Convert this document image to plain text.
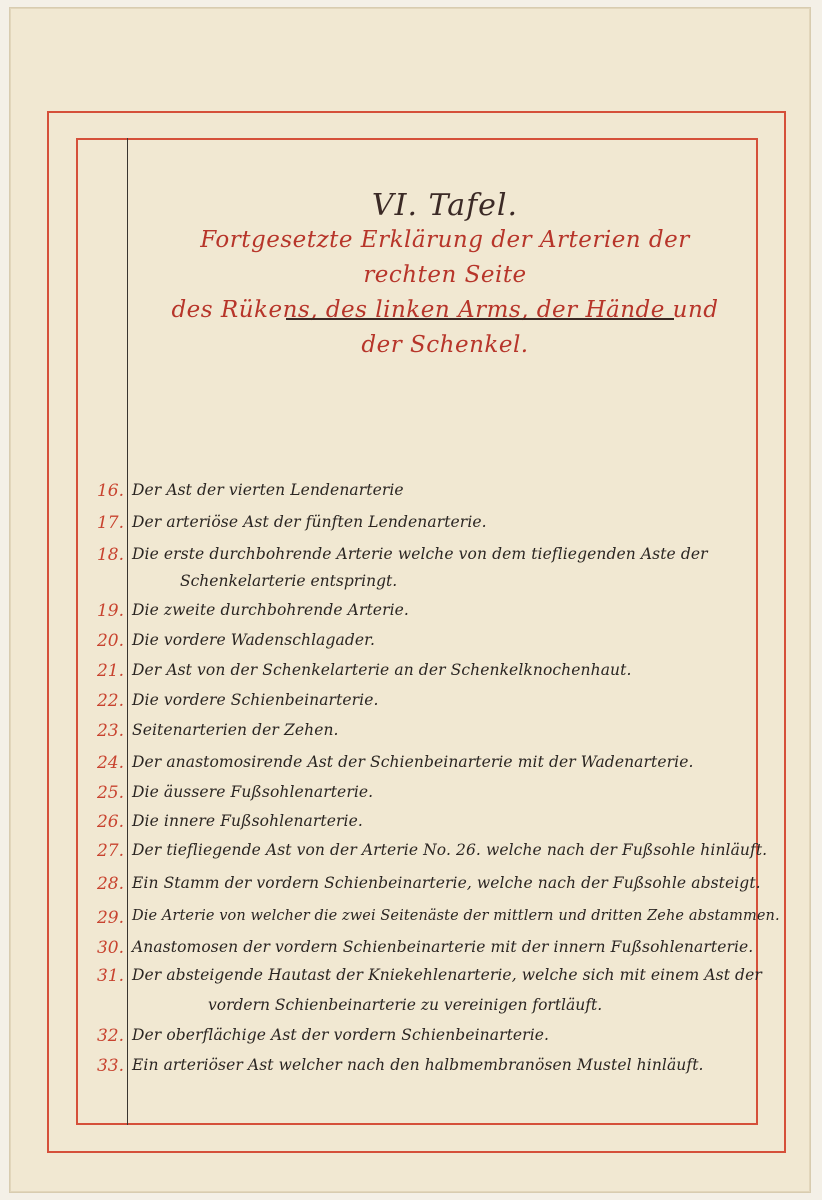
VI. Tafel.
Fortgesetzte Erklärung der Arterien der rechten Seite
des Rükens, des linken Arms, der Hände und der Schenkel.
16. Der Ast der vierten Lendenarterie
17. Der arteriöse Ast der fünften Lendenarterie.
18. Die erste durchbohrende Arterie welche von dem tiefliegenden Aste der
Schenkelarterie entspringt.
19. Die zweite durchbohrende Arterie.
20. Die vordere Wadenschlagader.
21. Der Ast von der Schenkelarterie an der Schenkelknochenhaut.
22. Die vordere Schienbeinarterie.
23. Seitenarterien der Zehen.
24. Der anastomosirende Ast der Schienbeinarterie mit der Wadenarterie.
25. Die äussere Fußsohlenarterie.
26. Die innere Fußsohlenarterie.
27. Der tiefliegende Ast von der Arterie No. 26. welche nach der Fußsohle hinläuft.
28. Ein Stamm der vordern Schienbeinarterie, welche nach der Fußsohle absteigt.
29. Die Arterie von welcher die zwei Seitenäste der mittlern und dritten Zehe abstammen.
30. Anastomosen der vordern Schienbeinarterie mit der innern Fußsohlenarterie.
31. Der absteigende Hautast der Kniekehlenarterie, welche sich mit einem Ast der
vordern Schienbeinarterie zu vereinigen fortläuft.
32. Der oberflächige Ast der vordern Schienbeinarterie.
33. Ein arteriöser Ast welcher nach den halbmembranösen Mustel hinläuft.
